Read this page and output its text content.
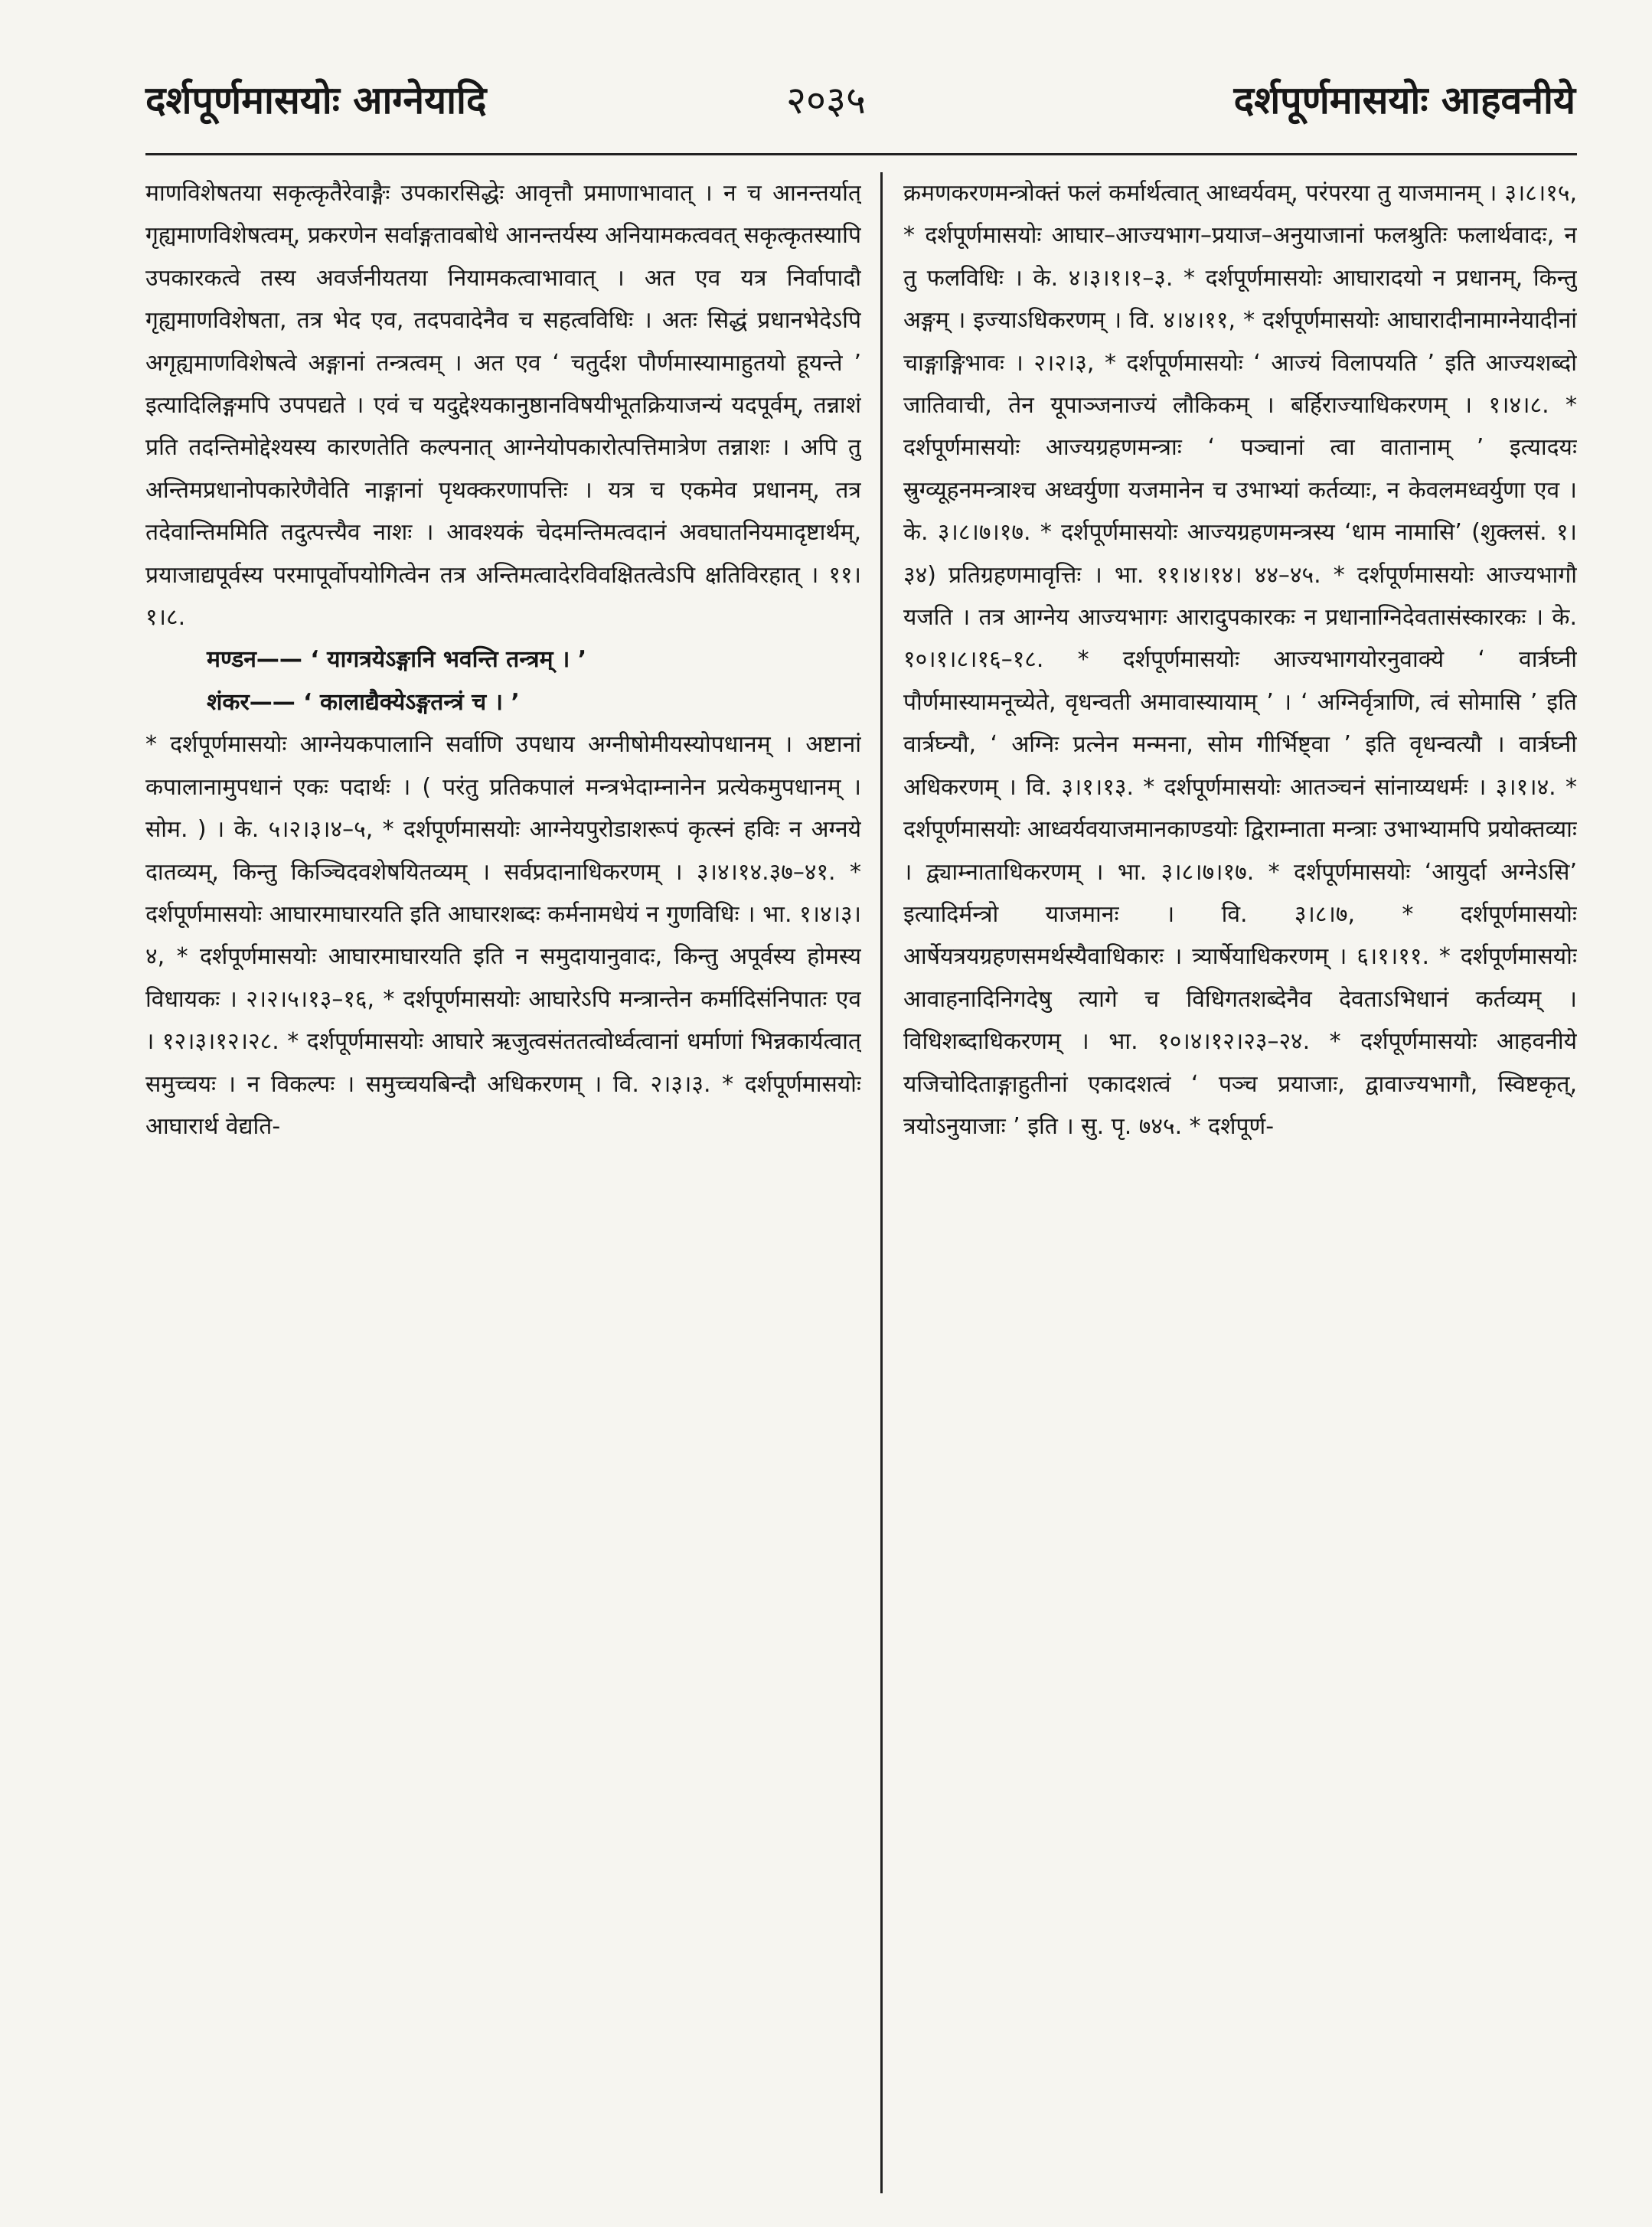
दर्शपूर्णमासयोः आग्नेयादि	२०३५	दर्शपूर्णमासयोः आहवनीये

माणविशेषतया सकृत्कृतैरेवाङ्गैः उपकारसिद्धेः आवृत्तौ प्रमाणाभावात् । न च आनन्तर्यात् गृह्यमाणविशेषत्वम्, प्रकरणेन सर्वाङ्गतावबोधे आनन्तर्यस्य अनियामकत्ववत् सकृत्कृतस्यापि उपकारकत्वे तस्य अवर्जनीयतया नियामकत्वाभावात् । अत एव यत्र निर्वापादौ गृह्यमाणविशेषता, तत्र भेद एव, तदपवादेनैव च सहत्वविधिः । अतः सिद्धं प्रधानभेदेऽपि अगृह्यमाणविशेषत्वे अङ्गानां तन्त्रत्वम् । अत एव ‘ चतुर्दश पौर्णमास्यामाहुतयो हूयन्ते ’ इत्यादिलिङ्गमपि उपपद्यते । एवं च यदुद्देश्यकानुष्ठानविषयीभूतक्रियाजन्यं यदपूर्वम्, तन्नाशं प्रति तदन्तिमोद्देश्यस्य कारणतेति कल्पनात् आग्नेयोपकारोत्पत्तिमात्रेण तन्नाशः । अपि तु अन्तिमप्रधानोपकारेणैवेति नाङ्गानां पृथक्करणापत्तिः । यत्र च एकमेव प्रधानम्, तत्र तदेवान्तिममिति तदुत्पत्त्यैव नाशः । आवश्यकं चेदमन्तिमत्वदानं अवघातनियमादृष्टार्थम्, प्रयाजाद्यपूर्वस्य परमापूर्वोपयोगित्वेन तत्र अन्तिमत्वादेरविवक्षितत्वेऽपि क्षतिविरहात् । ११।१।८.

मण्डन—— ‘ यागत्रयेऽङ्गानि भवन्ति तन्त्रम् । ’

शंकर—— ‘ कालाद्यैक्येऽङ्गतन्त्रं च । ’

* दर्शपूर्णमासयोः आग्नेयकपालानि सर्वाणि उपधाय अग्नीषोमीयस्योपधानम् । अष्टानां कपालानामुपधानं एकः पदार्थः । ( परंतु प्रतिकपालं मन्त्रभेदाम्नानेन प्रत्येकमुपधानम् । सोम. ) । के. ५।२।३।४–५, * दर्शपूर्णमासयोः आग्नेयपुरोडाशरूपं कृत्स्नं हविः न अग्नये दातव्यम्, किन्तु किञ्चिदवशेषयितव्यम् । सर्वप्रदानाधिकरणम् । ३।४।१४.३७–४१. * दर्शपूर्णमासयोः आघारमाघारयति इति आघारशब्दः कर्मनामधेयं न गुणविधिः । भा. १।४।३।४, * दर्शपूर्णमासयोः आघारमाघारयति इति न समुदायानुवादः, किन्तु अपूर्वस्य होमस्य विधायकः । २।२।५।१३–१६, * दर्शपूर्णमासयोः आघारेऽपि मन्त्रान्तेन कर्मादिसंनिपातः एव । १२।३।१२।२८. * दर्शपूर्णमासयोः आघारे ऋजुत्वसंततत्वोर्ध्वत्वानां धर्माणां भिन्नकार्यत्वात् समुच्चयः । न विकल्पः । समुच्चयबिन्दौ अधिकरणम् । वि. २।३।३. * दर्शपूर्णमासयोः आघारार्थ वेद्यति-

क्रमणकरणमन्त्रोक्तं फलं कर्मार्थत्वात् आध्वर्यवम्, परंपरया तु याजमानम् । ३।८।१५, * दर्शपूर्णमासयोः आघार–आज्यभाग–प्रयाज–अनुयाजानां फलश्रुतिः फलार्थवादः, न तु फलविधिः । के. ४।३।१।१–३. * दर्शपूर्णमासयोः आघारादयो न प्रधानम्, किन्तु अङ्गम् । इज्याऽधिकरणम् । वि. ४।४।११, * दर्शपूर्णमासयोः आघारादीनामाग्नेयादीनां चाङ्गाङ्गिभावः । २।२।३, * दर्शपूर्णमासयोः ‘ आज्यं विलापयति ’ इति आज्यशब्दो जातिवाची, तेन यूपाञ्जनाज्यं लौकिकम् । बर्हिराज्याधिकरणम् । १।४।८. * दर्शपूर्णमासयोः आज्यग्रहणमन्त्राः ‘ पञ्चानां त्वा वातानाम् ’ इत्यादयः स्रुग्व्यूहनमन्त्राश्च अध्वर्युणा यजमानेन च उभाभ्यां कर्तव्याः, न केवलमध्वर्युणा एव । के. ३।८।७।१७. * दर्शपूर्णमासयोः आज्यग्रहणमन्त्रस्य ‘धाम नामासि’ (शुक्लसं. १।३४) प्रतिग्रहणमावृत्तिः । भा. ११।४।१४। ४४–४५. * दर्शपूर्णमासयोः आज्यभागौ यजति । तत्र आग्नेय आज्यभागः आरादुपकारकः न प्रधानाग्निदेवतासंस्कारकः । के. १०।१।८।१६–१८. * दर्शपूर्णमासयोः आज्यभागयोरनुवाक्ये ‘ वार्त्रघ्नी पौर्णमास्यामनूच्येते, वृधन्वती अमावास्यायाम् ’ । ‘ अग्निर्वृत्राणि, त्वं सोमासि ’ इति वार्त्रघ्न्यौ, ‘ अग्निः प्रत्नेन मन्मना, सोम गीर्भिष्ट्वा ’ इति वृधन्वत्यौ । वार्त्रघ्नी अधिकरणम् । वि. ३।१।१३. * दर्शपूर्णमासयोः आतञ्चनं सांनाय्यधर्मः । ३।१।४. * दर्शपूर्णमासयोः आध्वर्यवयाजमानकाण्डयोः द्विराम्नाता मन्त्राः उभाभ्यामपि प्रयोक्तव्याः । द्व्याम्नाताधिकरणम् । भा. ३।८।७।१७. * दर्शपूर्णमासयोः ‘आयुर्दा अग्नेऽसि’ इत्यादिर्मन्त्रो याजमानः । वि. ३।८।७, * दर्शपूर्णमासयोः आर्षेयत्रयग्रहणसमर्थस्यैवाधिकारः । त्र्यार्षेयाधिकरणम् । ६।१।११. * दर्शपूर्णमासयोः आवाहनादिनिगदेषु त्यागे च विधिगतशब्देनैव देवताऽभिधानं कर्तव्यम् । विधिशब्दाधिकरणम् । भा. १०।४।१२।२३–२४. * दर्शपूर्णमासयोः आहवनीये यजिचोदिताङ्गाहुतीनां एकादशत्वं ‘ पञ्च प्रयाजाः, द्वावाज्यभागौ, स्विष्टकृत्, त्रयोऽनुयाजाः ’ इति । सु. पृ. ७४५. * दर्शपूर्ण-
